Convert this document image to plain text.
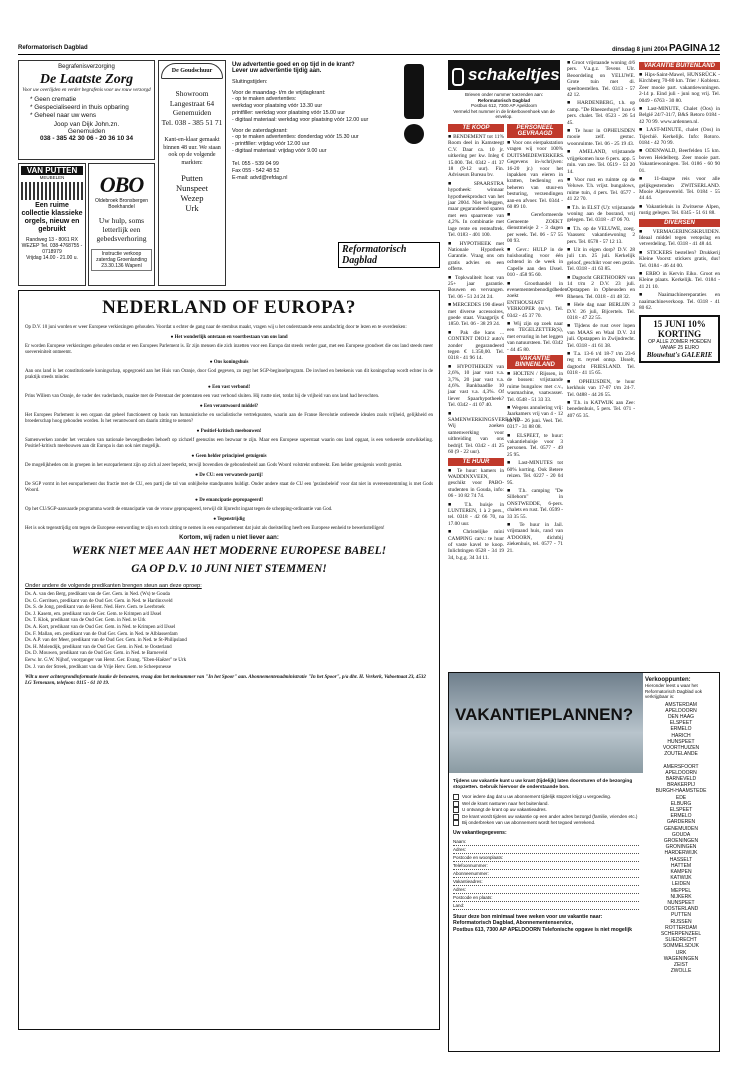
Reformatorisch Dagblad	dinsdag 8 juni 2004 PAGINA 12
Begrafenisverzorging
De Laatste Zorg
Voor uw overlijden en verder begrafenis voor uw rouw verzorgd
* Geen crematie
* Gespecialiseerd in thuis opbaring
* Geheel naar uw wens
Joop van Dijk John.zn.
Genemuiden
038 - 385 42 30 06 - 20 36 10 34
VAN PUTTEN
MEUBELEN
Een ruime collectie klassieke orgels, nieuw en gebruikt
Randweg 13 - 8061 RX WEZEP Tel. 038-4768755 - 0718979
Vrijdag 14.00 - 21.00 u.
OBO
Oldebroek Bronsbergen Boekhandel
Uw hulp, soms letterlijk een gebedsverhoring
Instructie verkoop zaterdag Groenlanding 23.30.136 Wapenl
De Goudschuur
Showroom
Langestraat 64
Genemuiden
Tel. 038 - 385 51 71
Kant-en-klaar gemaakt binnen 48 uur. We staan ook op de volgende markten:
Putten
Nunspeet
Wezep
Urk
Uw advertentie goed en op tijd in de krant?
Lever uw advertentie tijdig aan.
Sluitingstijden:
Voor de maandag- t/m de vrijdagkrant:
- op te maken advertenties:
werkdag voor plaatsing vóór 13.30 uur
printfiller: werkdag voor plaatsing vóór 15.00 uur
- digitaal materiaal: werkdag voor plaatsing vóór 12.00 uur
Voor de zaterdagkrant:
- op te maken advertenties: donderdag vóór 15.30 uur
- printfiller: vrijdag vóór 12.00 uur
- digitaal materiaal: vrijdag vóór 9.00 uur
Tel. 055 - 539 04 99
Fax 055 - 542 48 52
E-mail: advd@refdag.nl
Reformatorisch Dagblad
schakeltjes
Brieven onder nummer toezenden aan:
Reformatorisch Dagblad
Postbus 612, 7300 AP Apeldoorn
Vermeld het nummer in de linkerbovenhoek van de envelop.
TE KOOP

■ BENDEMENT tot 11% Room deel in Kamsteegt C.V. Daar ca. 10 jr. uitkering per kw. Inleg € 15.000. Tel. 0342 - 41 37 18 (9-12 uur). Fin. Adviseurs Bureau bv.

■ SPAARSTRA hypotheek: winnaar hypotheekproduct van het jaar 2004. Niet beleggen, maar gegarandeerd sparen met een spaarrente van 4,2%. In combinatie met lage rente en renteaftrek. Tel. 0183 - 401 100.

■ HYPOTHEEK met Nationale Hypotheek Garantie. Vraag ons om gratis advies en een offerte.

■ Topkwaliteit hout van 25+ jaar garantie. Bouwen en vervangen. Tel. 06 - 51 24 24 24.

■ MERCEDES 190 diesel met diverse accessoires, goede staat. Vraagprijs € 1850. Tel. 06 - 38 29 24.

■ Pak die kans ... CONTENT DIO12 auto's zonder gegarandeerd tegen € 1.350,00. Tel. 0318 - 41 96 14.

■ HYPOTHEKEN van 2,6%, 10 jaar vast v.a. 3,7%, 20 jaar vast v.a. 4,6%. Bankbaadlie 10 jaar vast v.a. 4,3%. Of liever Spaarhypotheek? Tel. 0342 - 41 07 40.

■ SAMENWERKINGSVERBAND. Wij zoeken samenwerking voor uitbreiding van ons bedrijf. Tel. 0342 - 41 25 60 (9 - 22 uur).

TE HUUR

■ Te huur: kamers in WADDINXVEEN, geschikt voor PABO-studenten in Gouda, info: 06 - 10 82 74 74.

■ T.h. huisje in LUNTEREN, 1 à 2 pers., tel. 0318 - 42 66 70, na 17.00 uur.

■ Christelijke mini CAMPING carv.: te huur of vaste kavel te koop. Inlichtingen 0528 - 34 19 34, b.g.g. 34 34 11.

PERSONEEL GEVRAAGD

■ Voor ons eierpakstation vragen wij voor 100% DUITSMEDEWERKERS. Gegevens in-/schrijven: 16-20 jr.) voor het inpakken van eieren in kratten, bediening en beheren van stuur-en besturing, verzendingen aan-en afvoer. Tel. 0344 - 60 89 10.

■ Gereformeerde Gemeente ZOEKT dienstmeisje 2 - 3 dagen per week. Tel. 06 - 57 55 00 93.

■ Gevr.: HULP in de huishouding voor één ochtend in de week in Capelle aan den IJssel. 010 - 458 95 60.

■ Groothandel in evenementenbenodigdheden zoekt een ENTHOUSIAST VERKOPER (m/v). Tel. 0342 - 45 37 70.

■ Wij zijn op zoek naar een TEGELZETTER(S), met ervaring in het leggen van natuursteen. Tel. 0342 - 44 45 80.

VAKANTIE BINNENLAND

■ HOLTEN / Rijssen, in de bossen: vrijstaande ruime bungalow met c.v., wasmachine, vaatwasser. Tel. 0548 - 51 33 33.

■ Wegens annulering vrij: Jaarkamers vrij van 4 - 12 tot 19 - 26 juni. Veel. Tel. 0317 - 31 88 08.

■ ELSPEET, te huur: vakantiehuisje voor 3 personen. Tel. 0577 - 49 25 95.

■ Last-MINUTES tot 60% korting. Ook Betere reizen. Tel. 0227 - 20 04 95.

■ T.h. camping "De Sillehorn" in ONSTWEDDE, 6-pers. chalets en rust. Tel. 0599 - 33 35 55.

■ Te huur in Jail. vrijstaand huis, rand van A'DOORN, dichtbij ziekenhuis, tel. 0577 - 71 21.

■ Groot vrijstaande woning 4/6 pers. V.a.g.z. Tevens Ulr. Beoordeling on YELUWE. Grote tuin met di. speeltoestellen. Tel. 0313 - 57 42 12.

■ HARDENBERG, t.h. op camp. "De Rheezerhuys" luxe 6 pers. chalet. Tel. 0523 - 26 54 45.

■ Te huur in OPHEUSDEN mooie zelf. gestuc. woonruimte. Tel. 06 - 25 19 43.

■ AMELAND, vrijstaande vrijgekomen luxe 6 pers. app. 5 min. van zee. Tel. 0519 - 53 20 14.

■ Voor rust en ruimte op de Veluwe. T.h. vrijst. bungalows, ruime tuin, 4 pers. Tel. 0577 - 41 22 70.

■ T.h. in ELST (U): vrijstaande woning aan de bosrand, vrij gelegen. Tel. 0318 - 47 06 70.

■ T.h. op de VELUWE, zoeg. Vaassen: vakantiewoning 2 pers. Tel. 0578 - 57 12 13.

■ Uit in eigen dorp? D.V. 28 juli t.m. 25 juli. Kerkelijk geloof, geschikt voor een gezin. Tel. 0318 - 41 63 85.

■ Dagtocht GRETHOORN van 14 t/m 2 D.V. 23 juli. Opstappen in Opheusden en Rhenen. Tel. 0318 - 41 48 32.

■ Hele dag naar BERLIJN 3 D.V. 26 juli, Bijcertels. Tel. 0318 - 47 22 55.

■ Tijdens de rust over lopen van MAAS en Waal D.V. 24 juli. Opstappen in Zwijndrecht. Tel. 0318 - 41 61 38.

■ T.a. 13-6 t/d 18-7 t/m 23-6 reg tt. reynel ontsp. IJsselt, dagtocht FRIESLAND. Tel. 0318 - 41 15 65.

■ OPHEUSDEN, te huur kerkhuis van 17-07 t/m 24-7. Tel. 0488 - 44 26 55.

■ T.h. in KATWIJK aan Zee: benedenhuis, 5 pers. Tel. 071 - 407 65 35.

VAKANTIE BUITENLAND

■ Hips-Saint-Mawel, HUNSRÜCK - Kirchberg 70-80 km. Trier / Koblenz. Zeer mooie part. vakantiewoningen. 2-14 p. Eind juli - juni nog vrij. Tel. 0049 - 6763 - 30 80.

■ Last-MINUTE, Chalet (Oos) in België 24/7-31/7, B&S Retoro 0184 - 42 70 99. www.ardennen.nl.

■ LAST-MINUTE, chalet (Oos) in Tsjechië. Kerkelijk. Info: Rotoro. 0184 - 42 70 99.

■ ODENWALD, Beerfelden 15 km. boven Heidelberg. Zeer mooie part. Vakantiewoningen. Tel. 0186 - 60 90 01.

■ 11-daagse reis voor alle gelijkgestemden ZWITSERLAND. Mooie Alpenwereld. Tel. 0184 - 55 44 44.

■ Vakantiehuis in Zwitserse Alpen, rustig gelegen. Tel. 0345 - 51 61 88.

DIVERSEN

■ VERMAGERINGSKRUIDEN. Ideaal middel tegen vetopslag en vetverdeling. Tel. 0318 - 41 48 44.

■ STICKERS bestellen? Drukkerij Kleine Voorst: stickers gratis, dus! Tel. 0184 - 46 44 00.

■ ERBO in Kervin Eiko. Groot en Kleine plaats. Kerkelijk. Tel. 0184 - 41 21 10.

■ Naaimachinereparaties en naaimachineverkoop. Tel. 0318 - 41 80 62.

15 JUNI 10% KORTING
OP ALLE ZOMER HOEDEN VANAF 25 EURO
Blouwhut's GALERIE
NEDERLAND OF EUROPA?

Op D.V. 10 juni worden er weer Europese verkiezingen gehouden. Voordat u echter de gang naar de stembus maakt, vragen wij u het onderstaande eens aandachtig door te lezen en te overdenken:

● Het wonderlijk ontstaan en voortbestaan van ons land

Er worden Europese verkiezingen gehouden omdat er een Europees Parlement is. Er zijn mensen die zich inzetten voor een Europa dat steeds verder gaat, met een Europese grondwet die ons land steeds meer soevereiniteit ontneemt.

● Ons koningshuis

Aan ons land is het constitutionele koningschap, opgegroeid aan het Huis van Oranje, door God gegeven, zo zegt het SGP-beginselprogram. De invloed en betekenis van dit koningschap wordt echter in de praktijk steeds minder.

● Een vast verbond!

Prins Willem van Oranje, de vader des vaderlands, maakte met de Potentaat der potentaten een vast verbond sluiten. Hij rustte niet, totdat hij de vrijheid van ons land had bevochten.

● Een verantwoord middel?

Het Europees Parlement is een orgaan dat geheel functioneert op basis van humanistische en socialistische vertrekpunten, waarin aan de Franse Revolutie ontleende idealen zoals vrijheid, gelijkheid en broederschap hoog gehouden worden. Is het verantwoord om daarin zitting te nemen?

● Positief-kritisch meebouwen!

Samenwerken zonder het verzaken van nationale bevoegdheden behoeft op zichzelf geenszins een bezwaar te zijn. Maar een Europese superstaat waarin ons land opgaat, is een verkeerde ontwikkeling. Positief-kritisch meebouwen aan dit Europa is dan ook niet mogelijk.

● Geen helder principieel getuigenis

De mogelijkheden om in groepen in het europarlement zijn op zich al zeer beperkt, terwijl bovendien de gebondenheid aan Gods Woord volstrekt ontbreekt. Een helder getuigenis wordt gemist.

● De CU: een verwaterde partij!

De SGP vormt in het europarlement dus fractie met de CU, een partij die tal van onbijbelse standpunten huldigt. Onder andere staat de CU een 'gezinsbeleid' voor dat niet in overeenstemming is met Gods Woord.

● De emancipatie gepropageerd!

Op het CU/SGP-aanvaarde programma wordt de emancipatie van de vrouw gepropageerd, terwijl dit lijnrecht ingaat tegen de schepping-ordinantie van God.

● Tegenstrijdig

Het is ook tegenstrijdig om tegen de Europese eenwording te zijn en toch zitting te nemen in een europarlement dat juist als doelstelling heeft een Europese eenheid te bewerkstelligen!

Kortom, wij raden u niet liever aan:
WERK NIET MEE AAN HET MODERNE EUROPESE BABEL!
GA OP D.V. 10 JUNI NIET STEMMEN!
Onder andere de volgende predikanten brengen steun aan deze oproep:
Ds. A. van den Berg, predikant van de Ger. Gem. in Ned. (Ws) te Gouda
Ds. G. Gerritsen, predikant van de Oud Ger. Gem. in Ned. te Hardinxveld
Ds. S. de Jong, predikant van de Herst. Ned. Herv. Gem. te Leerbroek
Ds. J. Kasem, em. predikant van de Ger. Gem. te Krimpen a/d IJssel
Ds. T. Klok, predikant van de Oud Ger. Gem. in Ned. te Urk
Ds. A. Kort, predikant van de Oud Ger. Gem. in Ned. te Krimpen a/d IJssel
Ds. F. Mallan, em. predikant van de Oud Ger. Gem. in Ned. te Alblasserdam
Ds. A.P. van der Meer, predikant van de Oud Ger. Gem. in Ned. te St-Philipsland
Ds. H. Molendijk, predikant van de Oud Ger. Gem. in Ned. te Oosterland
Ds. D. Mouwen, predikant van de Oud Ger. Gem. in Ned. te Barneveld
Eerw. hr. G.W. Nijhof, voorganger van Herst. Ger. Evang. "Eben-Haëzer" te Urk
Ds. J. van der Streek, predikant van de Vrije Herv. Gem. te Scheepsnesse
Wilt u meer achtergrondinformatie inzake de bezwaren, vraag dan het meinummer van "In het Spoor" aan. Abonnementenadministratie "In het Spoor", p/a dhr. H. Verkerk, Vaboetnaat 23, 4532 LG Terneuzen, telefoon: 0115 - 61 10 19.
VAKANTIEPLANNEN?
Tijdens uw vakantie kunt u uw krant (tijdelijk) laten doorsturen of de bezorging stopzetten. Gebruik hiervoor de onderstaande bon.
Voor iedere dag dat u uw abonnement tijdelijk stopzet krijgt u vergoeding.
Wel de krant nasturen naar het buitenland.
U ontvangt de krant op uw vakantieadres.
De krant wordt tijdens uw vakantie op een ander adres bezorgd (familie, vrienden etc.)
Bij onderbreken van uw abonnement wordt het tegoed verrekend.
Uw vakantiegegevens:
Naam:
Adres:
Postcode en woonplaats:
Telefoonnummer:
Abonneenummer:
Vakantieadres:
Adres:
Postcode en plaats:
Land:
Stuur deze bon minimaal twee weken voor uw vakantie naar:
Reformatorisch Dagblad, Abonnementenservice,
Postbus 613, 7300 AP APELDOORN Telefonische opgave is niet mogelijk
Verkooppunten:
Hieronder leest u waar het Reformatorisch Dagblad ook verkrijgbaar is:
AMSTERDAM
APELDOORN
DEN HAAG
ELSPEET
ERMELO
HARICH
HUNSPEET
VOORTHUIZEN
ZOUTELANDE

AMERSFOORT
APELDOORN
BARNEVELD
BRAKERPIJ
BURGH-HAAMSTEDE
EDE
ELBURG
ELSPEET
ERMELO
GARDEREN
GENEMUIDEN
GOUDA
GROENINGEN
GRONINGEN
HARDERWIJK
HASSELT
HATTEM
KAMPEN
KATWIJK
LEIDEN
MEPPEL
NIJKERK
NUNSPEET
OOSTERLAND
PUTTEN
RIJSSEN
ROTTERDAM
SCHERPENZEEL
SLIEDRECHT
SOMMELSDIJK
URK
WAGENINGEN
ZEIST
ZWOLLE
